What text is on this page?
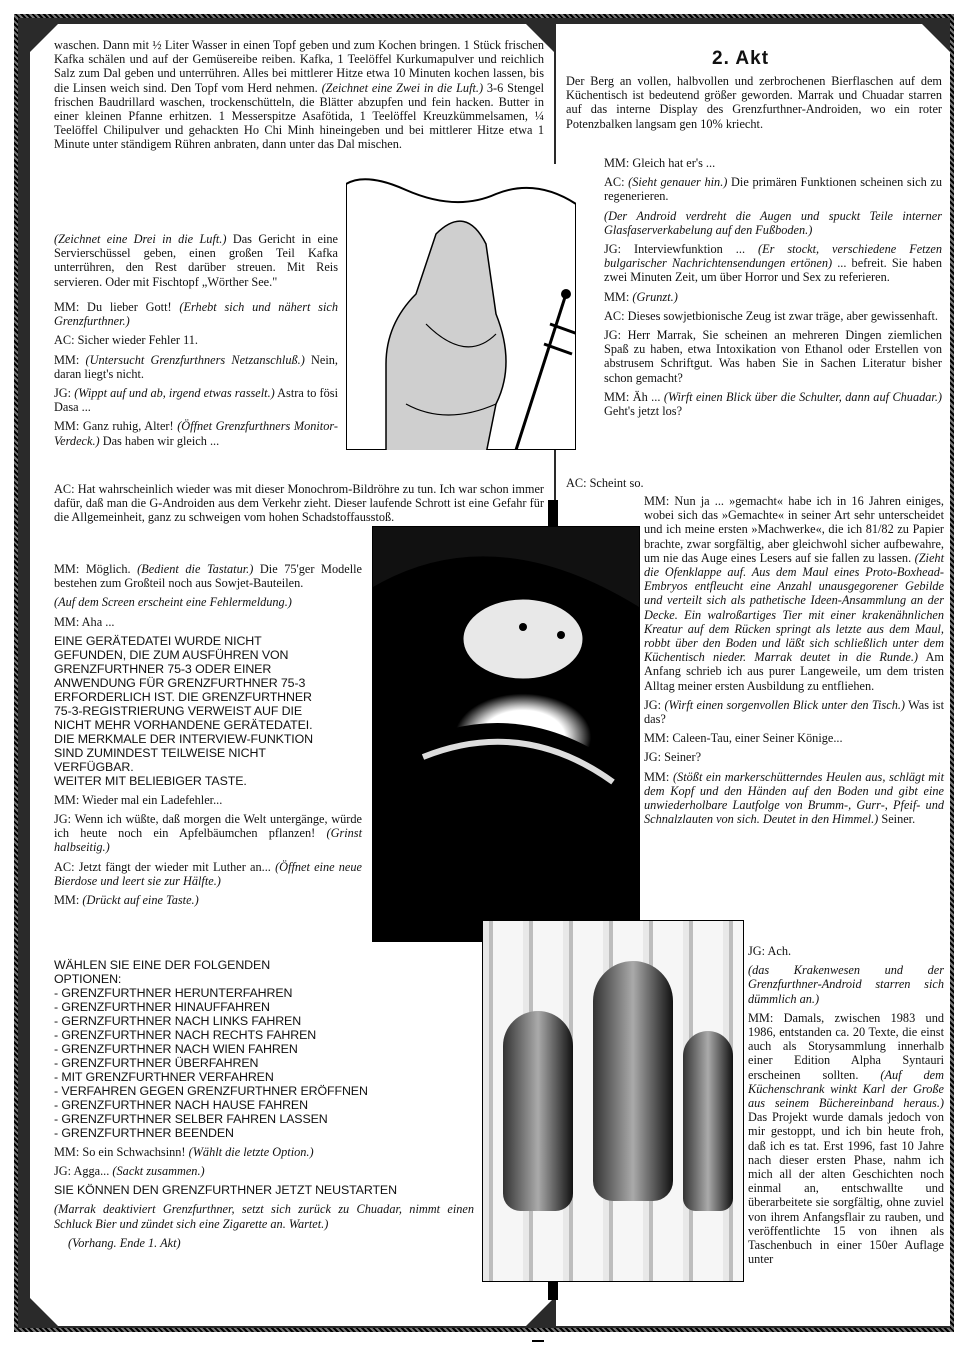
waschen. Dann mit ½ Liter Wasser in einen Topf geben und zum Kochen bringen. 1 Stück frischen Kafka schälen und auf der Gemüsereibe reiben. Kafka, 1 Teelöffel Kurkumapulver und reichlich Salz zum Dal geben und unterrühren. Alles bei mittlerer Hitze etwa 10 Minuten kochen lassen, bis die Linsen weich sind. Den Topf vom Herd nehmen. (Zeichnet eine Zwei in die Luft.) 3-6 Stengel frischen Baudrillard waschen, trockenschütteln, die Blätter abzupfen und fein hacken. Butter in einer kleinen Pfanne erhitzen. 1 Messerspitze Asafötida, 1 Teelöffel Kreuzkümmelsamen, ¼ Teelöffel Chilipulver und gehackten Ho Chi Minh hineingeben und bei mittlerer Hitze etwa 1 Minute unter ständigem Rühren anbraten, dann unter das Dal mischen.

(Zeichnet eine Drei in die Luft.) Das Gericht in eine Servierschüssel geben, einen großen Teil Kafka unterrühren, den Rest darüber streuen. Mit Reis servieren. Oder mit Fischtopf „Wörther See."

MM: Du lieber Gott! (Erhebt sich und nähert sich Grenzfurthner.)

AC: Sicher wieder Fehler 11.

MM: (Untersucht Grenzfurthners Netzanschluß.) Nein, daran liegt's nicht.

JG: (Wippt auf und ab, irgend etwas rasselt.) Astra to fösi Dasa ...

MM: Ganz ruhig, Alter! (Öffnet Grenzfurthners Monitor-Verdeck.) Das haben wir gleich ...

AC: Hat wahrscheinlich wieder was mit dieser Monochrom-Bildröhre zu tun. Ich war schon immer dafür, daß man die G-Androiden aus dem Verkehr zieht. Dieser laufende Schrott ist eine Gefahr für die Allgemeinheit, ganz zu schweigen vom hohen Schadstoffausstoß.

MM: Möglich. (Bedient die Tastatur.) Die 75'ger Modelle bestehen zum Großteil noch aus Sowjet-Bauteilen.

(Auf dem Screen erscheint eine Fehlermeldung.)

MM: Aha ...

EINE GERÄTEDATEI WURDE NICHT
GEFUNDEN, DIE ZUM AUSFÜHREN VON
GRENZFURTHNER 75-3 ODER EINER
ANWENDUNG FÜR GRENZFURTHNER 75-3
ERFORDERLICH IST. DIE GRENZFURTHNER
75-3-REGISTRIERUNG VERWEIST AUF DIE
NICHT MEHR VORHANDENE GERÄTEDATEI.
DIE MERKMALE DER INTERVIEW-FUNKTION
SIND ZUMINDEST TEILWEISE NICHT
VERFÜGBAR.
WEITER MIT BELIEBIGER TASTE.

MM: Wieder mal ein Ladefehler...

JG: Wenn ich wüßte, daß morgen die Welt untergänge, würde ich heute noch ein Apfelbäumchen pflanzen! (Grinst halbseitig.)

AC: Jetzt fängt der wieder mit Luther an... (Öffnet eine neue Bierdose und leert sie zur Hälfte.)

MM: (Drückt auf eine Taste.)

WÄHLEN SIE EINE DER FOLGENDEN
OPTIONEN:
- GRENZFURTHNER HERUNTERFAHREN
- GRENZFURTHNER HINAUFFAHREN
- GERNZFURTHNER NACH LINKS FAHREN
- GRENZFURTHNER NACH RECHTS FAHREN
- GRENZFURTHNER NACH WIEN FAHREN
- GRENZFURTHNER ÜBERFAHREN
- MIT GRENZFURTHNER VERFAHREN
- VERFAHREN GEGEN GRENZFURTHNER ERÖFFNEN
- GRENZFURTHNER NACH HAUSE FAHREN
- GRENZFURTHNER SELBER FAHREN LASSEN
- GRENZFURTHNER BEENDEN

MM: So ein Schwachsinn! (Wählt die letzte Option.)

JG: Agga... (Sackt zusammen.)

SIE KÖNNEN DEN GRENZFURTHNER JETZT NEUSTARTEN

(Marrak deaktiviert Grenzfurthner, setzt sich zurück zu Chuadar, nimmt einen Schluck Bier und zündet sich eine Zigarette an. Wartet.)

(Vorhang. Ende 1. Akt)

2. Akt

Der Berg an vollen, halbvollen und zerbrochenen Bierflaschen auf dem Küchentisch ist bedeutend größer geworden. Marrak und Chuadar starren auf das interne Display des Grenzfurthner-Androiden, wo ein roter Potenzbalken langsam gen 10% kriecht.

MM: Gleich hat er's ...

AC: (Sieht genauer hin.) Die primären Funktionen scheinen sich zu regenerieren.

(Der Android verdreht die Augen und spuckt Teile interner Glasfaserverkabelung auf den Fußboden.)

JG: Interviewfunktion ... (Er stockt, verschiedene Fetzen bulgarischer Nachrichtensendungen ertönen) ... befreit. Sie haben zwei Minuten Zeit, um über Horror und Sex zu referieren.

MM: (Grunzt.)

AC: Dieses sowjetbionische Zeug ist zwar träge, aber gewissenhaft.

JG: Herr Marrak, Sie scheinen an mehreren Dingen ziemlichen Spaß zu haben, etwa Intoxikation von Ethanol oder Erstellen von abstrusem Schriftgut. Was haben Sie in Sachen Literatur bisher schon gemacht?

MM: Äh ... (Wirft einen Blick über die Schulter, dann auf Chuadar.) Geht's jetzt los?

AC: Scheint so.

MM: Nun ja ... »gemacht« habe ich in 16 Jahren einiges, wobei sich das »Gemachte« in seiner Art sehr unterscheidet und ich meine ersten »Machwerke«, die ich 81/82 zu Papier brachte, zwar sorgfältig, aber gleichwohl sicher aufbewahre, um nie das Auge eines Lesers auf sie fallen zu lassen. (Zieht die Ofenklappe auf. Aus dem Maul eines Proto-Boxhead-Embryos entfleucht eine Anzahl unausgegorener Gebilde und verteilt sich als pathetische Ideen-Ansammlung an der Decke. Ein walroßartiges Tier mit einer krakenähnlichen Kreatur auf dem Rücken springt als letzte aus dem Maul, robbt über den Boden und läßt sich schließlich unter dem Küchentisch nieder. Marrak deutet in die Runde.) Am Anfang schrieb ich aus purer Langeweile, um dem tristen Alltag meiner ersten Ausbildung zu entfliehen.

JG: (Wirft einen sorgenvollen Blick unter den Tisch.) Was ist das?

MM: Caleen-Tau, einer Seiner Könige...

JG: Seiner?

MM: (Stößt ein markerschütterndes Heulen aus, schlägt mit dem Kopf und den Händen auf den Boden und gibt eine unwiederholbare Lautfolge von Brumm-, Gurr-, Pfeif- und Schnalzlauten von sich. Deutet in den Himmel.) Seiner.

JG: Ach.

(das Krakenwesen und der Grenzfurthner-Android starren sich dümmlich an.)

MM: Damals, zwischen 1983 und 1986, entstanden ca. 20 Texte, die einst auch als Storysammlung innerhalb einer Edition Alpha Syntauri erscheinen sollten. (Auf dem Küchenschrank winkt Karl der Große aus seinem Büchereinband heraus.) Das Projekt wurde damals jedoch von mir gestoppt, und ich bin heute froh, daß ich es tat. Erst 1996, fast 10 Jahre nach dieser ersten Phase, nahm ich mich all der alten Geschichten noch einmal an, entschwallte und überarbeitete sie sorgfältig, ohne zuviel von ihrem Anfangsflair zu rauben, und veröffentlichte 15 von ihnen als Taschenbuch in einer 150er Auflage unter
